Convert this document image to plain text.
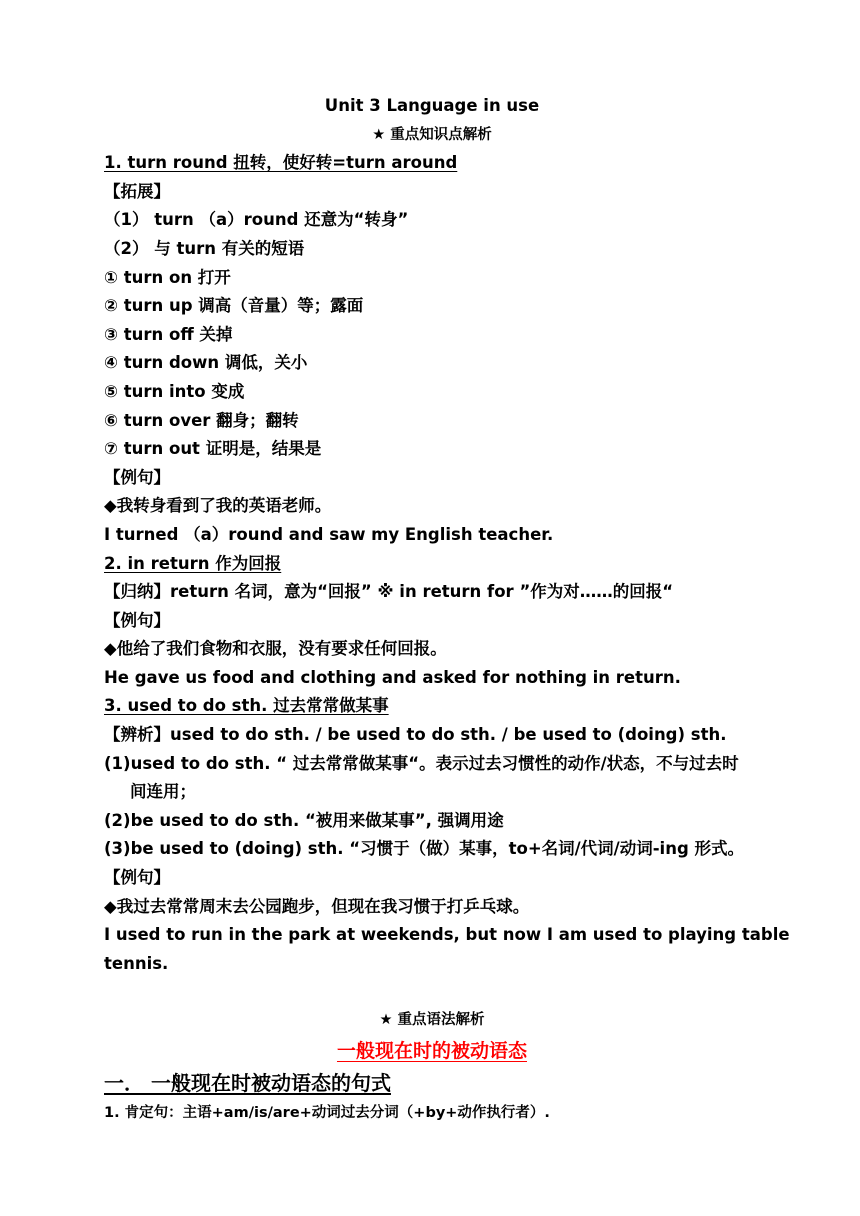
Unit 3 Language in use
★ 重点知识点解析
1. turn round 扭转，使好转=turn around
【拓展】
（1） turn （a）round 还意为“转身”
（2） 与 turn 有关的短语
① turn on 打开
② turn up 调高（音量）等；露面
③ turn off 关掉
④ turn down 调低，关小
⑤ turn into 变成
⑥ turn over 翻身；翻转
⑦ turn out 证明是，结果是
【例句】
◆我转身看到了我的英语老师。
I turned （a）round and saw my English teacher.
2. in return 作为回报
【归纳】return 名词，意为“回报” ※ in return for ”作为对……的回报“
【例句】
◆他给了我们食物和衣服，没有要求任何回报。
He gave us food and clothing and asked for nothing in return.
3. used to do sth. 过去常常做某事
【辨析】used to do sth. / be used to do sth. / be used to (doing) sth.
(1)used to do sth. “ 过去常常做某事“。表示过去习惯性的动作/状态，不与过去时
间连用；
(2)be used to do sth. “被用来做某事”, 强调用途
(3)be used to (doing) sth. “习惯于（做）某事，to+名词/代词/动词-ing 形式。
【例句】
◆我过去常常周末去公园跑步，但现在我习惯于打乒乓球。
I used to run in the park at weekends, but now I am used to playing table
tennis.
★ 重点语法解析
一般现在时的被动语态
一． 一般现在时被动语态的句式
1. 肯定句：主语+am/is/are+动词过去分词（+by+动作执行者）.
